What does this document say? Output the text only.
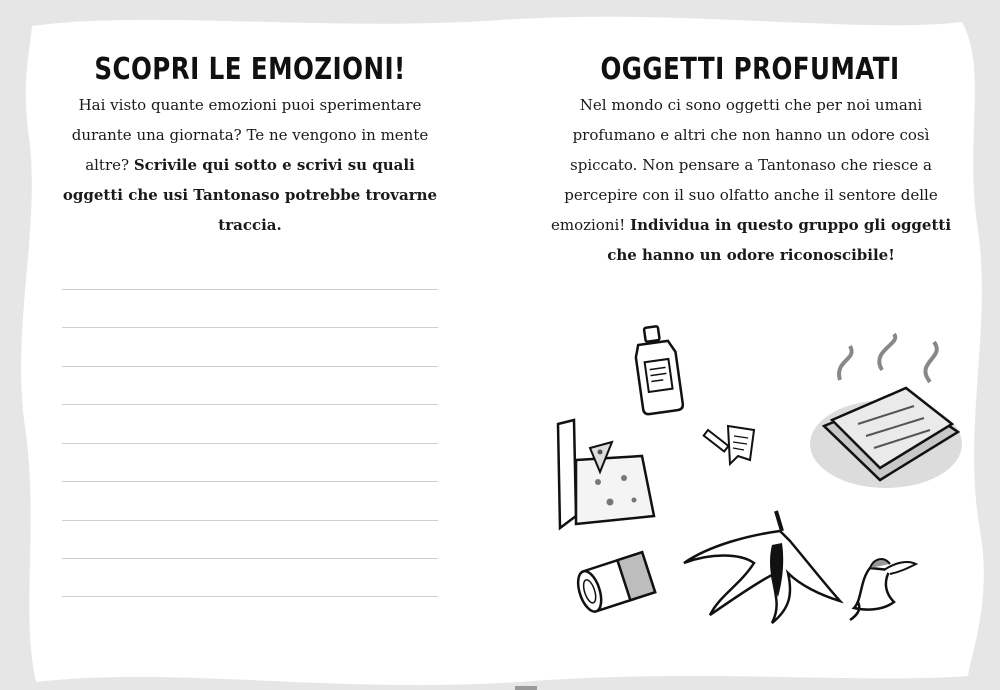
SCOPRI LE EMOZIONI!
Hai visto quante emozioni puoi sperimentare durante una giornata? Te ne vengono in mente altre? Scrivile qui sotto e scrivi su quali oggetti che usi Tantonaso potrebbe trovarne traccia.
OGGETTI PROFUMATI
Nel mondo ci sono oggetti che per noi umani profumano e altri che non hanno un odore così spiccato. Non pensare a Tantonaso che riesce a percepire con il suo olfatto anche il sentore delle emozioni! Individua in questo gruppo gli oggetti che hanno un odore riconoscibile!
